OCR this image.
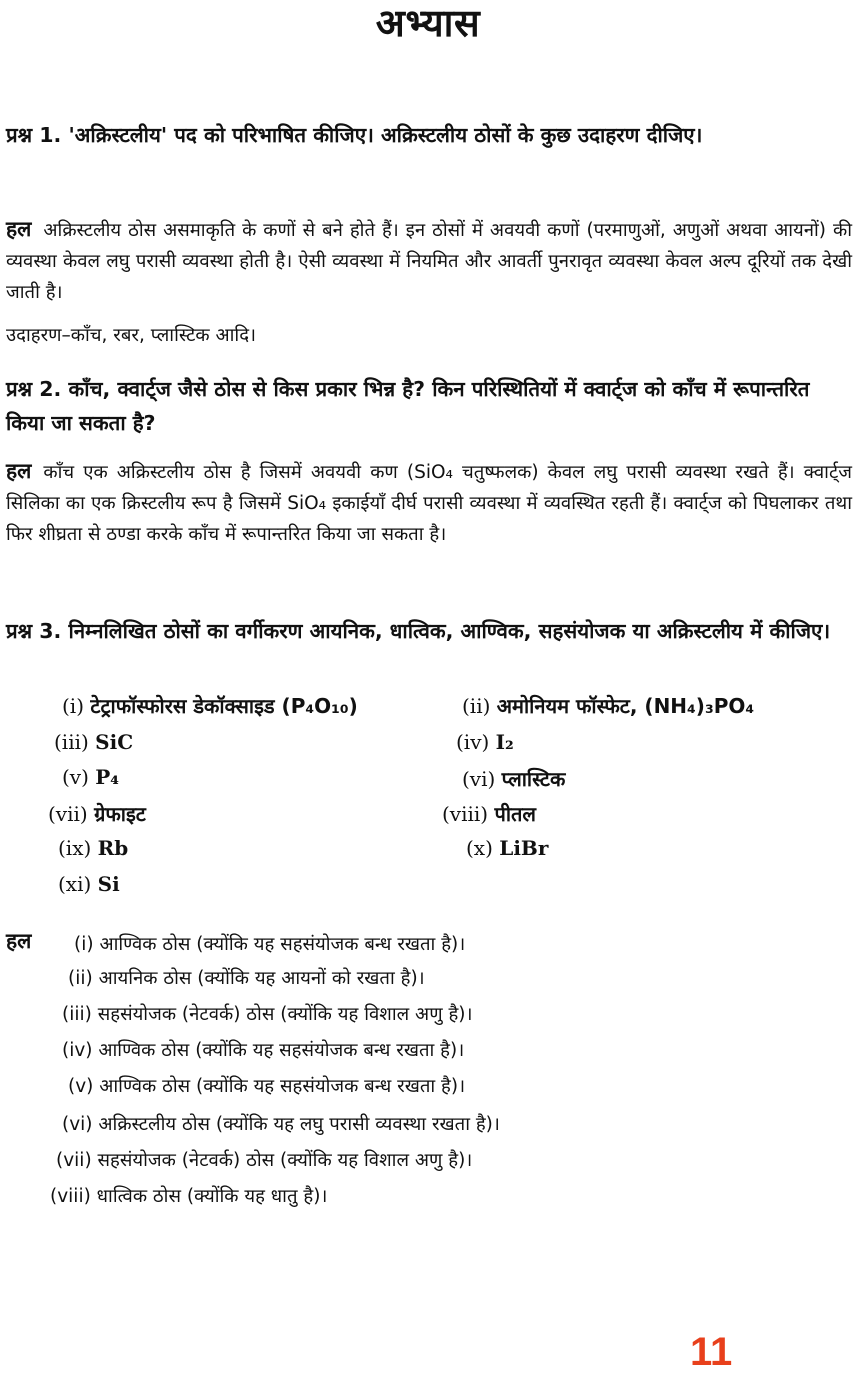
अभ्यास
प्रश्न 1. 'अक्रिस्टलीय' पद को परिभाषित कीजिए। अक्रिस्टलीय ठोसों के कुछ उदाहरण दीजिए।
हल अक्रिस्टलीय ठोस असमाकृति के कणों से बने होते हैं। इन ठोसों में अवयवी कणों (परमाणुओं, अणुओं अथवा आयनों) की व्यवस्था केवल लघु परासी व्यवस्था होती है। ऐसी व्यवस्था में नियमित और आवर्ती पुनरावृत व्यवस्था केवल अल्प दूरियों तक देखी जाती है।
उदाहरण–काँच, रबर, प्लास्टिक आदि।
प्रश्न 2. काँच, क्वार्ट्ज जैसे ठोस से किस प्रकार भिन्न है? किन परिस्थितियों में क्वार्ट्ज को काँच में रूपान्तरित किया जा सकता है?
हल काँच एक अक्रिस्टलीय ठोस है जिसमें अवयवी कण (SiO₄ चतुष्फलक) केवल लघु परासी व्यवस्था रखते हैं। क्वार्ट्ज सिलिका का एक क्रिस्टलीय रूप है जिसमें SiO₄ इकाईयाँ दीर्घ परासी व्यवस्था में व्यवस्थित रहती हैं। क्वार्ट्ज को पिघलाकर तथा फिर शीघ्रता से ठण्डा करके काँच में रूपान्तरित किया जा सकता है।
प्रश्न 3. निम्नलिखित ठोसों का वर्गीकरण आयनिक, धात्विक, आण्विक, सहसंयोजक या अक्रिस्टलीय में कीजिए।
(i) टेट्राफॉस्फोरस डेकॉक्साइड (P₄O₁₀)	(ii) अमोनियम फॉस्फेट, (NH₄)₃PO₄
(iii) SiC	(iv) I₂
(v) P₄	(vi) प्लास्टिक
(vii) ग्रेफाइट	(viii) पीतल
(ix) Rb	(x) LiBr
(xi) Si
हल (i) आण्विक ठोस (क्योंकि यह सहसंयोजक बन्ध रखता है)।
(ii) आयनिक ठोस (क्योंकि यह आयनों को रखता है)।
(iii) सहसंयोजक (नेटवर्क) ठोस (क्योंकि यह विशाल अणु है)।
(iv) आण्विक ठोस (क्योंकि यह सहसंयोजक बन्ध रखता है)।
(v) आण्विक ठोस (क्योंकि यह सहसंयोजक बन्ध रखता है)।
(vi) अक्रिस्टलीय ठोस (क्योंकि यह लघु परासी व्यवस्था रखता है)।
(vii) सहसंयोजक (नेटवर्क) ठोस (क्योंकि यह विशाल अणु है)।
(viii) धात्विक ठोस (क्योंकि यह धातु है)।
11
